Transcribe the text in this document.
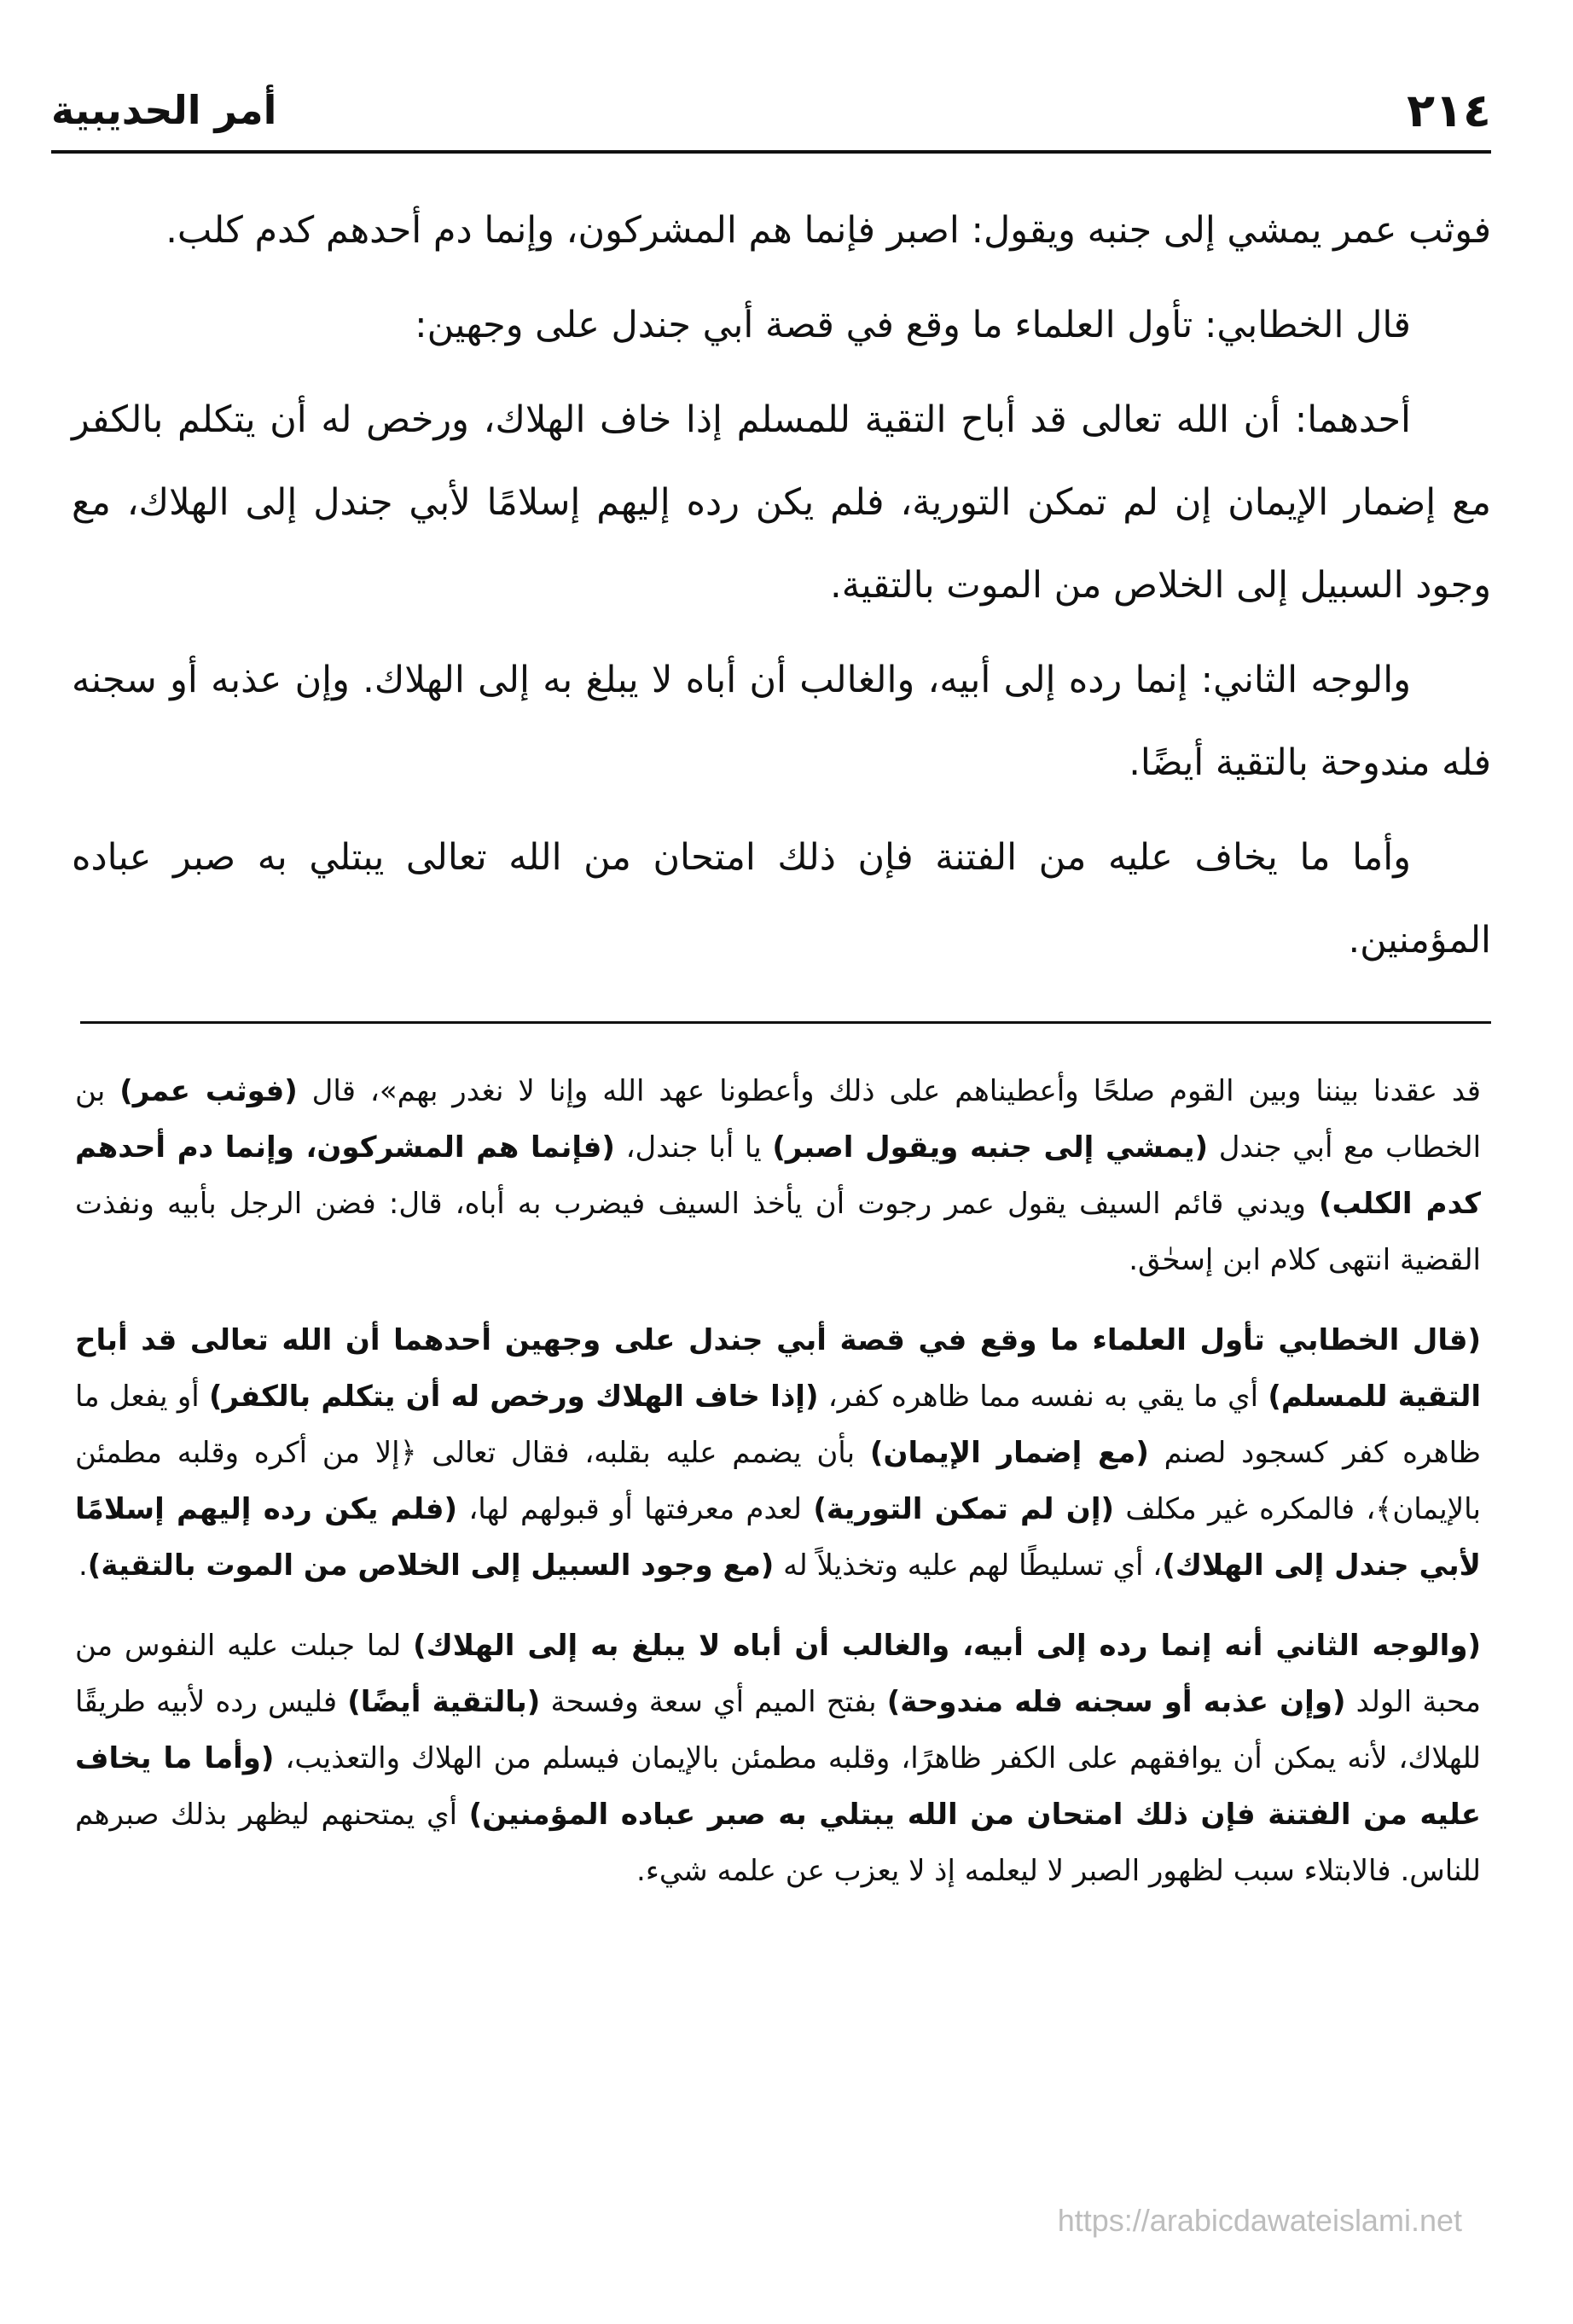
٢١٤
أمر الحديبية

فوثب عمر يمشي إلى جنبه ويقول: اصبر فإنما هم المشركون، وإنما دم أحدهم كدم كلب.

قال الخطابي: تأول العلماء ما وقع في قصة أبي جندل على وجهين:

أحدهما: أن الله تعالى قد أباح التقية للمسلم إذا خاف الهلاك، ورخص له أن يتكلم بالكفر مع إضمار الإيمان إن لم تمكن التورية، فلم يكن رده إليهم إسلامًا لأبي جندل إلى الهلاك، مع وجود السبيل إلى الخلاص من الموت بالتقية.

والوجه الثاني: إنما رده إلى أبيه، والغالب أن أباه لا يبلغ به إلى الهلاك. وإن عذبه أو سجنه فله مندوحة بالتقية أيضًا.

وأما ما يخاف عليه من الفتنة فإن ذلك امتحان من الله تعالى يبتلي به صبر عباده المؤمنين.

قد عقدنا بيننا وبين القوم صلحًا وأعطيناهم على ذلك وأعطونا عهد الله وإنا لا نغدر بهم»، قال (فوثب عمر) بن الخطاب مع أبي جندل (يمشي إلى جنبه ويقول اصبر) يا أبا جندل، (فإنما هم المشركون، وإنما دم أحدهم كدم الكلب) ويدني قائم السيف يقول عمر رجوت أن يأخذ السيف فيضرب به أباه، قال: فضن الرجل بأبيه ونفذت القضية انتهى كلام ابن إسحٰق.

(قال الخطابي تأول العلماء ما وقع في قصة أبي جندل على وجهين أحدهما أن الله تعالى قد أباح التقية للمسلم) أي ما يقي به نفسه مما ظاهره كفر، (إذا خاف الهلاك ورخص له أن يتكلم بالكفر) أو يفعل ما ظاهره كفر كسجود لصنم (مع إضمار الإيمان) بأن يضمم عليه بقلبه، فقال تعالى ﴿إلا من أكره وقلبه مطمئن بالإيمان﴾، فالمكره غير مكلف (إن لم تمكن التورية) لعدم معرفتها أو قبولهم لها، (فلم يكن رده إليهم إسلامًا لأبي جندل إلى الهلاك)، أي تسليطًا لهم عليه وتخذيلاً له (مع وجود السبيل إلى الخلاص من الموت بالتقية).

(والوجه الثاني أنه إنما رده إلى أبيه، والغالب أن أباه لا يبلغ به إلى الهلاك) لما جبلت عليه النفوس من محبة الولد (وإن عذبه أو سجنه فله مندوحة) بفتح الميم أي سعة وفسحة (بالتقية أيضًا) فليس رده لأبيه طريقًا للهلاك، لأنه يمكن أن يوافقهم على الكفر ظاهرًا، وقلبه مطمئن بالإيمان فيسلم من الهلاك والتعذيب، (وأما ما يخاف عليه من الفتنة فإن ذلك امتحان من الله يبتلي به صبر عباده المؤمنين) أي يمتحنهم ليظهر بذلك صبرهم للناس. فالابتلاء سبب لظهور الصبر لا ليعلمه إذ لا يعزب عن علمه شيء.

https://arabicdawateislami.net
